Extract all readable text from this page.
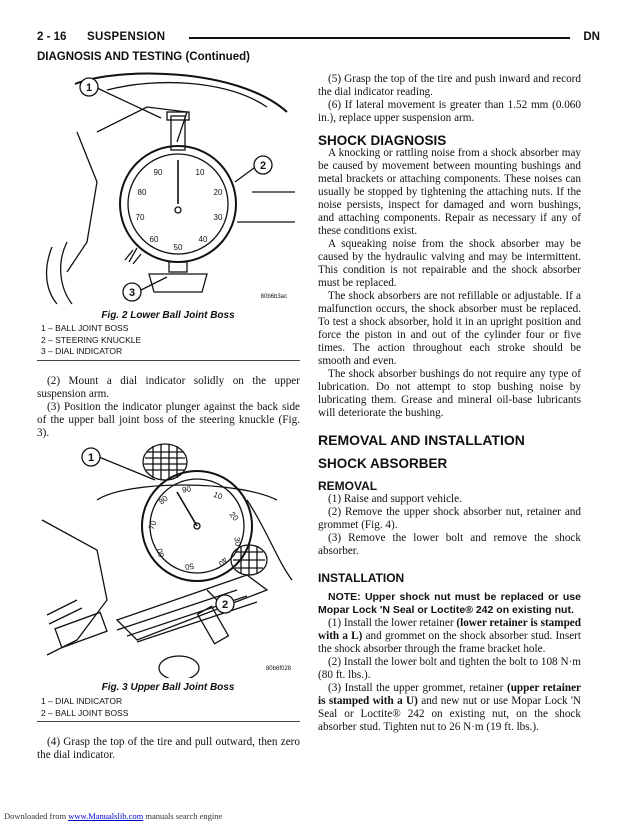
2 - 16 SUSPENSION	DN
DIAGNOSIS AND TESTING (Continued)
90	10
80	20
70	30
60
50
40
1
2
3	80b6b3ac
Fig. 2 Lower Ball Joint Boss
1 – BALL JOINT BOSS
2 – STEERING KNUCKLE
3 – DIAL INDICATOR

(2) Mount a dial indicator solidly on the upper suspension arm.

(3) Position the indicator plunger against the back side of the upper ball joint boss of the steering knuckle (Fig. 3).

90
10
80
20
70
30
60
50	40
1
2
80b6f028
Fig. 3 Upper Ball Joint Boss
1 – DIAL INDICATOR
2 – BALL JOINT BOSS

(4) Grasp the top of the tire and pull outward, then zero the dial indicator.

(5) Grasp the top of the tire and push inward and record the dial indicator reading.

(6) If lateral movement is greater than 1.52 mm (0.060 in.), replace upper suspension arm.

SHOCK DIAGNOSIS

A knocking or rattling noise from a shock absorber may be caused by movement between mounting bushings and metal brackets or attaching components. These noises can usually be stopped by tightening the attaching nuts. If the noise persists, inspect for damaged and worn bushings, and attaching components. Repair as necessary if any of these conditions exist.

A squeaking noise from the shock absorber may be caused by the hydraulic valving and may be intermittent. This condition is not repairable and the shock absorber must be replaced.

The shock absorbers are not refillable or adjustable. If a malfunction occurs, the shock absorber must be replaced. To test a shock absorber, hold it in an upright position and force the piston in and out of the cylinder four or five times. The action throughout each stroke should be smooth and even.

The shock absorber bushings do not require any type of lubrication. Do not attempt to stop bushing noise by lubricating them. Grease and mineral oil-base lubricants will deteriorate the bushing.

REMOVAL AND INSTALLATION
SHOCK ABSORBER
REMOVAL

(1) Raise and support vehicle.

(2) Remove the upper shock absorber nut, retainer and grommet (Fig. 4).

(3) Remove the lower bolt and remove the shock absorber.

INSTALLATION

NOTE: Upper shock nut must be replaced or use Mopar Lock 'N Seal or Loctite® 242 on existing nut.

(1) Install the lower retainer (lower retainer is stamped with a L) and grommet on the shock absorber stud. Insert the shock absorber through the frame bracket hole.

(2) Install the lower bolt and tighten the bolt to 108 N·m (80 ft. lbs.).

(3) Install the upper grommet, retainer (upper retainer is stamped with a U) and new nut or use Mopar Lock 'N Seal or Loctite® 242 on existing nut, on the shock absorber stud. Tighten nut to 26 N·m (19 ft. lbs.).

Downloaded from www.Manualslib.com manuals search engine
